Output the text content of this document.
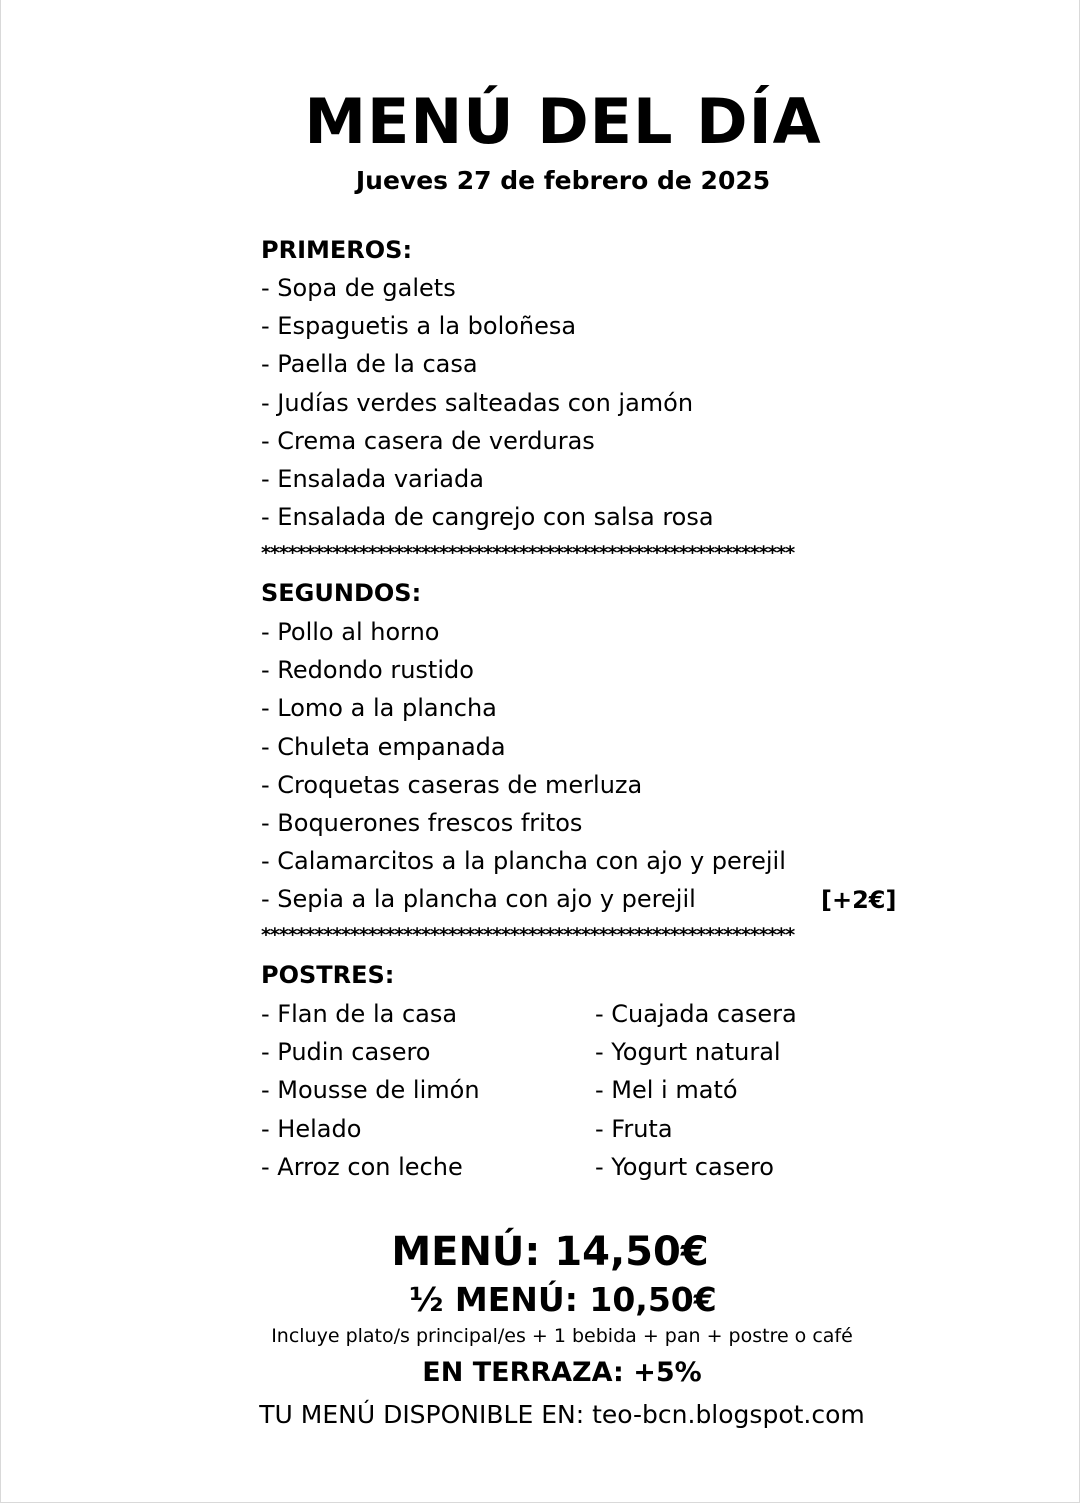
MENÚ DEL DÍA
Jueves 27 de febrero de 2025
PRIMEROS:
- Sopa de galets
- Espaguetis a la boloñesa
- Paella de la casa
- Judías verdes salteadas con jamón
- Crema casera de verduras
- Ensalada variada
- Ensalada de cangrejo con salsa rosa
************************************************************
SEGUNDOS:
- Pollo al horno
- Redondo rustido
- Lomo a la plancha
- Chuleta empanada
- Croquetas caseras de merluza
- Boquerones frescos fritos
- Calamarcitos a la plancha con ajo y perejil
- Sepia a la plancha con ajo y perejil	[+2€]
************************************************************
POSTRES:
- Flan de la casa
- Pudin casero
- Mousse de limón
- Helado
- Arroz con leche
- Cuajada casera
- Yogurt natural
- Mel i mató
- Fruta
- Yogurt casero
MENÚ: 14,50€
½ MENÚ: 10,50€
Incluye plato/s principal/es + 1 bebida + pan + postre o café
EN TERRAZA: +5%
TU MENÚ DISPONIBLE EN: teo-bcn.blogspot.com
